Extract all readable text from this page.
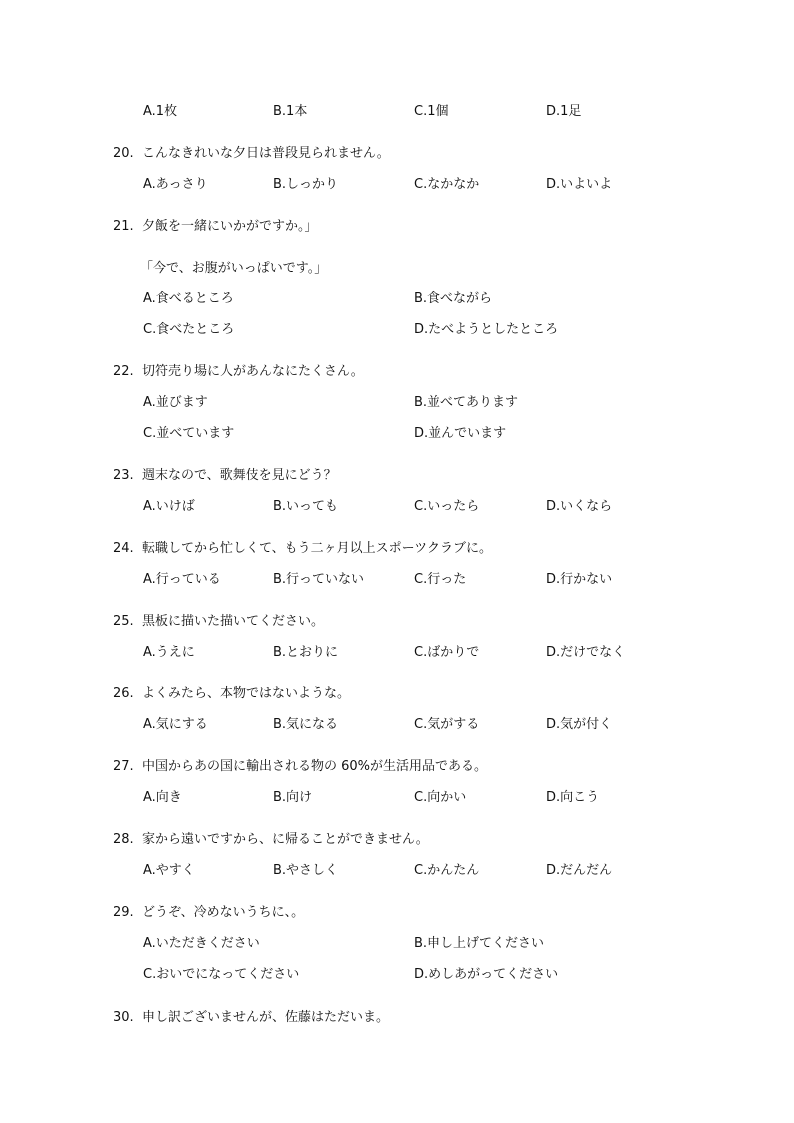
A.1枚	B.1本	C.1個	D.1足
20.  こんなきれいな夕日は普段見られません。
A.あっさり	B.しっかり	C.なかなか	D.いよいよ
21.  夕飯を一緒にいかがですか。」
「今で、お腹がいっぱいです。」
A.食べるところ	B.食べながら
C.食べたところ	D.たべようとしたところ
22.  切符売り場に人があんなにたくさん。
A.並びます	B.並べてあります
C.並べています	D.並んでいます
23.  週末なので、歌舞伎を見にどう？
A.いけば	B.いっても	C.いったら	D.いくなら
24.  転職してから忙しくて、もう二ヶ月以上スポーツクラブに。
A.行っている	B.行っていない	C.行った	D.行かない
25.  黒板に描いた描いてください。
A.うえに	B.とおりに	C.ばかりで	D.だけでなく
26.  よくみたら、本物ではないような。
A.気にする	B.気になる	C.気がする	D.気が付く
27.  中国からあの国に輸出される物の 60%が生活用品である。
A.向き	B.向け	C.向かい	D.向こう
28.  家から遠いですから、に帰ることができません。
A.やすく	B.やさしく	C.かんたん	D.だんだん
29.  どうぞ、冷めないうちに、。
A.いただきください	B.申し上げてください
C.おいでになってください	D.めしあがってください
30.  申し訳ございませんが、佐藤はただいま。
